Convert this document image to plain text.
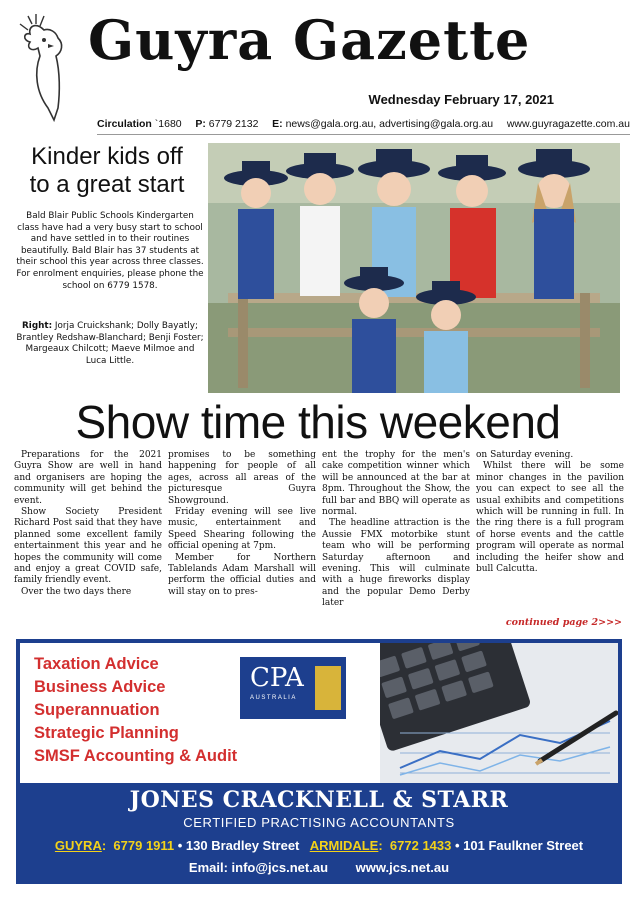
Guyra Gazette
Wednesday February 17, 2021
Circulation `1680 P: 6779 2132 E: news@gala.org.au, advertising@gala.org.au www.guyragazette.com.au
Kinder kids off
to a great start
Bald Blair Public Schools Kindergarten class have had a very busy start to school and have settled in to their routines beautifully. Bald Blair has 37 students at their school this year across three classes. For enrolment enquiries, please phone the school on 6779 1578.
Right: Jorja Cruickshank; Dolly Bayatly; Brantley Redshaw-Blanchard; Benji Foster; Margeaux Chilcott; Maeve Milmoe and Luca Little.
Show time this weekend

Preparations for the 2021 Guyra Show are well in hand and organisers are hoping the community will get behind the event.

Show Society President Richard Post said that they have planned some excellent family entertainment this year and he hopes the community will come and enjoy a great COVID safe, family friendly event.

Over the two days there

promises to be something happening for people of all ages, across all areas of the picturesque Guyra Showground.

Friday evening will see live music, entertainment and Speed Shearing following the official opening at 7pm.

Member for Northern Tablelands Adam Marshall will perform the official duties and will stay on to pres-

ent the trophy for the men's cake competition winner which will be announced at the bar at 8pm. Throughout the Show, the full bar and BBQ will operate as normal.

The headline attraction is the Aussie FMX motorbike stunt team who will be performing Saturday afternoon and evening. This will culminate with a huge fireworks display and the popular Demo Derby later

on Saturday evening.

Whilst there will be some minor changes in the pavilion you can expect to see all the usual exhibits and competitions which will be running in full. In the ring there is a full program of horse events and the cattle program will operate as normal including the heifer show and bull Calcutta.

continued page 2>>>
Taxation Advice
Business Advice
Superannuation
Strategic Planning
SMSF Accounting & Audit
CPA
AUSTRALIA
JONES CRACKNELL & STARR
CERTIFIED PRACTISING ACCOUNTANTS
GUYRA:  6779 1911 • 130 Bradley Street ARMIDALE:  6772 1433 • 101 Faulkner Street
Email: info@jcs.net.au www.jcs.net.au
